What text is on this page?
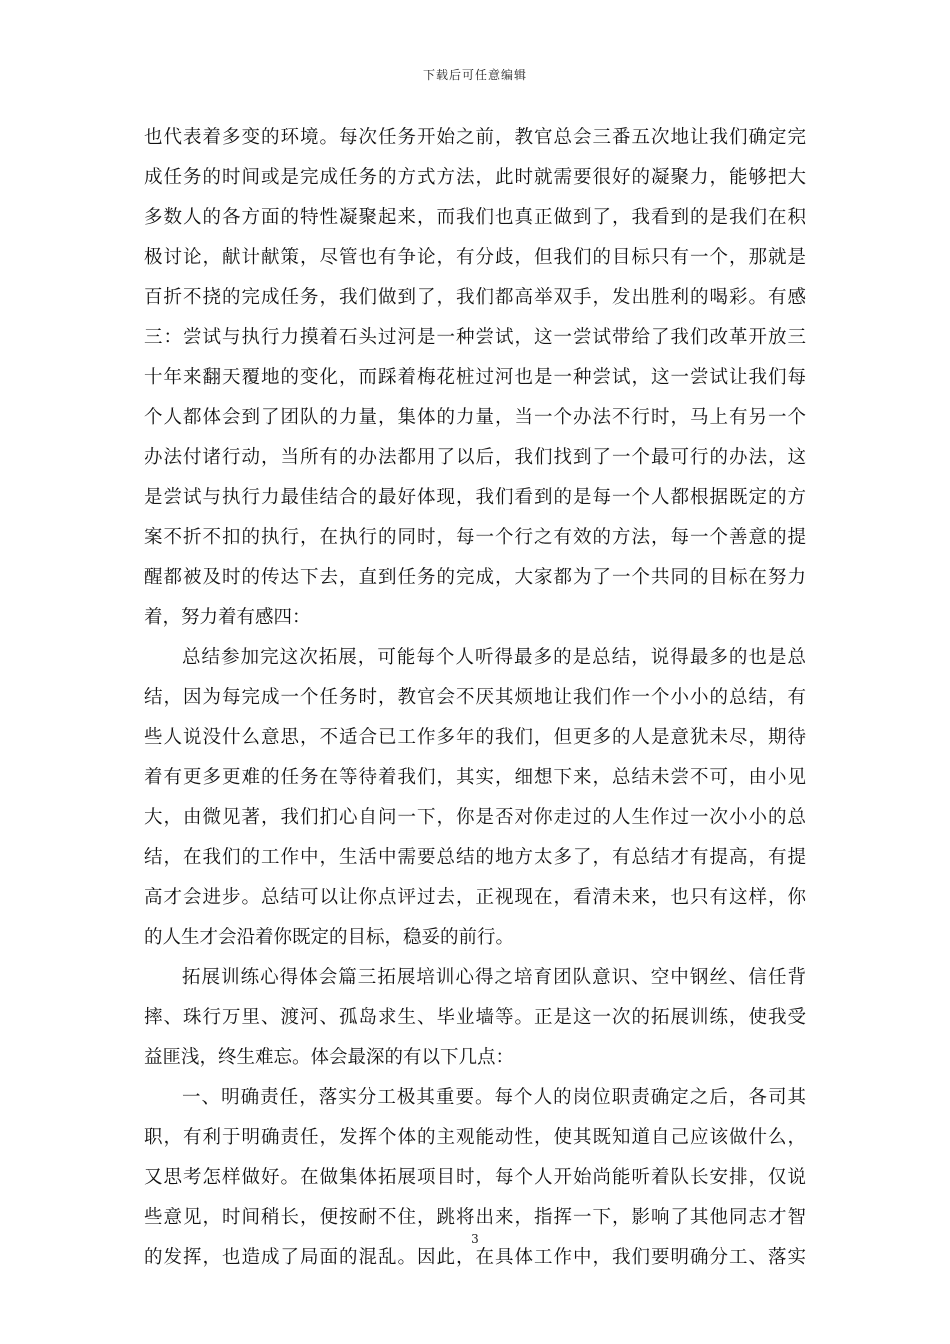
下载后可任意编辑
也代表着多变的环境。每次任务开始之前，教官总会三番五次地让我们确定完
成任务的时间或是完成任务的方式方法，此时就需要很好的凝聚力，能够把大
多数人的各方面的特性凝聚起来，而我们也真正做到了，我看到的是我们在积
极讨论，献计献策，尽管也有争论，有分歧，但我们的目标只有一个，那就是
百折不挠的完成任务，我们做到了，我们都高举双手，发出胜利的喝彩。有感
三：尝试与执行力摸着石头过河是一种尝试，这一尝试带给了我们改革开放三
十年来翻天覆地的变化，而踩着梅花桩过河也是一种尝试，这一尝试让我们每
个人都体会到了团队的力量，集体的力量，当一个办法不行时，马上有另一个
办法付诸行动，当所有的办法都用了以后，我们找到了一个最可行的办法，这
是尝试与执行力最佳结合的最好体现，我们看到的是每一个人都根据既定的方
案不折不扣的执行，在执行的同时，每一个行之有效的方法，每一个善意的提
醒都被及时的传达下去，直到任务的完成，大家都为了一个共同的目标在努力
着，努力着有感四：
总结参加完这次拓展，可能每个人听得最多的是总结，说得最多的也是总
结，因为每完成一个任务时，教官会不厌其烦地让我们作一个小小的总结，有
些人说没什么意思，不适合已工作多年的我们，但更多的人是意犹未尽，期待
着有更多更难的任务在等待着我们，其实，细想下来，总结未尝不可，由小见
大，由微见著，我们扪心自问一下，你是否对你走过的人生作过一次小小的总
结，在我们的工作中，生活中需要总结的地方太多了，有总结才有提高，有提
高才会进步。总结可以让你点评过去，正视现在，看清未来，也只有这样，你
的人生才会沿着你既定的目标，稳妥的前行。
拓展训练心得体会篇三拓展培训心得之培育团队意识、空中钢丝、信任背
摔、珠行万里、渡河、孤岛求生、毕业墙等。正是这一次的拓展训练，使我受
益匪浅，终生难忘。体会最深的有以下几点：
一、明确责任，落实分工极其重要。每个人的岗位职责确定之后，各司其
职，有利于明确责任，发挥个体的主观能动性，使其既知道自己应该做什么，
又思考怎样做好。在做集体拓展项目时，每个人开始尚能听着队长安排，仅说
些意见，时间稍长，便按耐不住，跳将出来，指挥一下，影响了其他同志才智
的发挥，也造成了局面的混乱。因此，在具体工作中，我们要明确分工、落实
3
